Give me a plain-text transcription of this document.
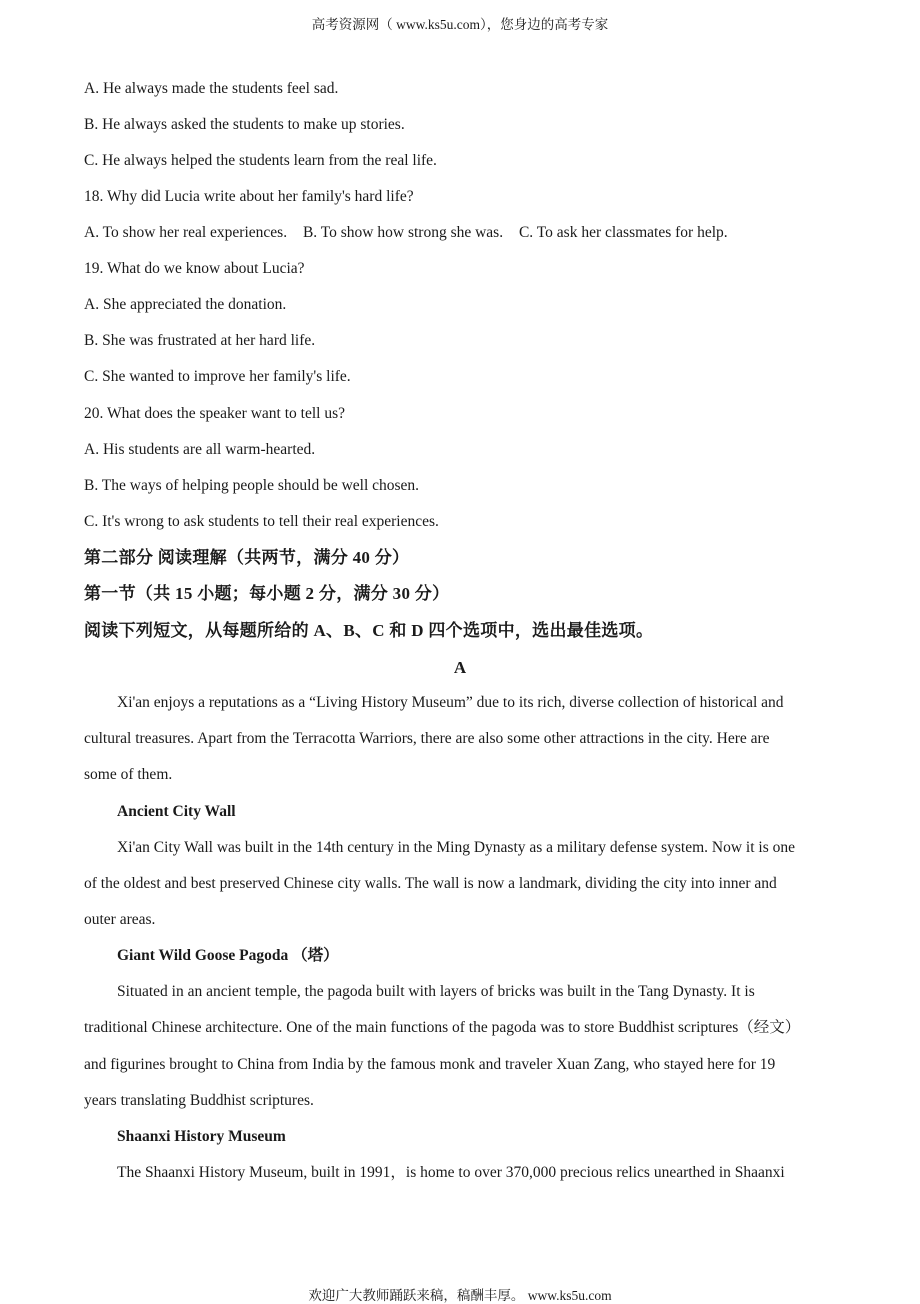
高考资源网（ www.ks5u.com），您身边的高考专家
A. He always made the students feel sad.
B. He always asked the students to make up stories.
C. He always helped the students learn from the real life.
18. Why did Lucia write about her family's hard life?
A. To show her real experiences. B. To show how strong she was. C. To ask her classmates for help.
19. What do we know about Lucia?
A. She appreciated the donation.
B. She was frustrated at her hard life.
C. She wanted to improve her family's life.
20. What does the speaker want to tell us?
A. His students are all warm-hearted.
B. The ways of helping people should be well chosen.
C. It's wrong to ask students to tell their real experiences.
第二部分 阅读理解（共两节，满分 40 分）
第一节（共 15 小题；每小题 2 分，满分 30 分）
阅读下列短文，从每题所给的 A、B、C 和 D 四个选项中，选出最佳选项。
A
Xi'an enjoys a reputations as a “Living History Museum” due to its rich, diverse collection of historical and
cultural treasures. Apart from the Terracotta Warriors, there are also some other attractions in the city. Here are
some of them.
Ancient City Wall
Xi'an City Wall was built in the 14th century in the Ming Dynasty as a military defense system. Now it is one
of the oldest and best preserved Chinese city walls. The wall is now a landmark, dividing the city into inner and
outer areas.
Giant Wild Goose Pagoda （塔）
Situated in an ancient temple, the pagoda built with layers of bricks was built in the Tang Dynasty. It is
traditional Chinese architecture. One of the main functions of the pagoda was to store Buddhist scriptures（经文）
and figurines brought to China from India by the famous monk and traveler Xuan Zang, who stayed here for 19
years translating Buddhist scriptures.
Shaanxi History Museum
The Shaanxi History Museum, built in 1991，is home to over 370,000 precious relics unearthed in Shaanxi
欢迎广大教师踊跃来稿，稿酬丰厚。 www.ks5u.com
